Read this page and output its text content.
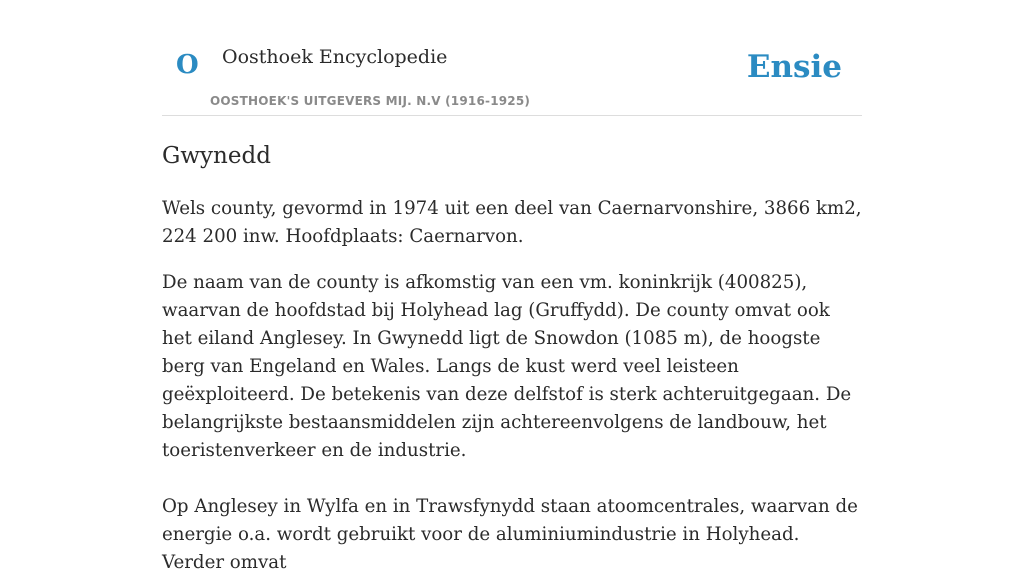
O Oosthoek Encyclopedie
OOSTHOEK'S UITGEVERS MIJ. N.V (1916-1925)
Ensie
Gwynedd

Wels county, gevormd in 1974 uit een deel van Caernarvonshire, 3866 km2, 224 200 inw. Hoofdplaats: Caernarvon.

De naam van de county is afkomstig van een vm. koninkrijk (400825), waarvan de hoofdstad bij Holyhead lag (Gruffydd). De county omvat ook het eiland Anglesey. In Gwynedd ligt de Snowdon (1085 m), de hoogste berg van Engeland en Wales. Langs de kust werd veel leisteen geëxploiteerd. De betekenis van deze delfstof is sterk achteruitgegaan. De belangrijkste bestaansmiddelen zijn achtereenvolgens de landbouw, het toeristenverkeer en de industrie.

Op Anglesey in Wylfa en in Trawsfynydd staan atoomcentrales, waarvan de energie o.a. wordt gebruikt voor de aluminiumindustrie in Holyhead. Verder omvat
